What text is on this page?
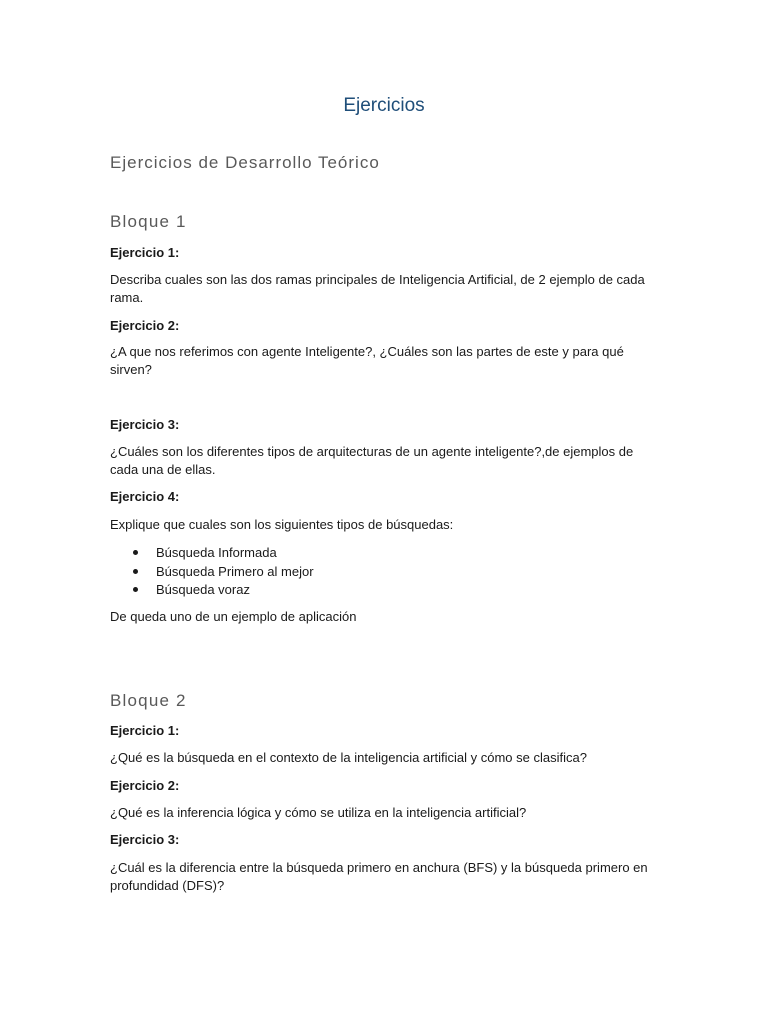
Ejercicios
Ejercicios de Desarrollo Teórico
Bloque 1
Ejercicio 1:
Describa cuales son las dos ramas principales de Inteligencia Artificial, de 2 ejemplo de cada rama.
Ejercicio 2:
¿A que nos referimos con agente Inteligente?, ¿Cuáles son las partes de este y para qué sirven?
Ejercicio 3:
¿Cuáles son los diferentes tipos de arquitecturas de un agente inteligente?,de ejemplos de cada una de ellas.
Ejercicio 4:
Explique que cuales son los siguientes tipos de búsquedas:
Búsqueda Informada
Búsqueda Primero al mejor
Búsqueda voraz
De queda uno de un ejemplo de aplicación
Bloque 2
Ejercicio 1:
¿Qué es la búsqueda en el contexto de la inteligencia artificial y cómo se clasifica?
Ejercicio 2:
¿Qué es la inferencia lógica y cómo se utiliza en la inteligencia artificial?
Ejercicio 3:
¿Cuál es la diferencia entre la búsqueda primero en anchura (BFS) y la búsqueda primero en profundidad (DFS)?
